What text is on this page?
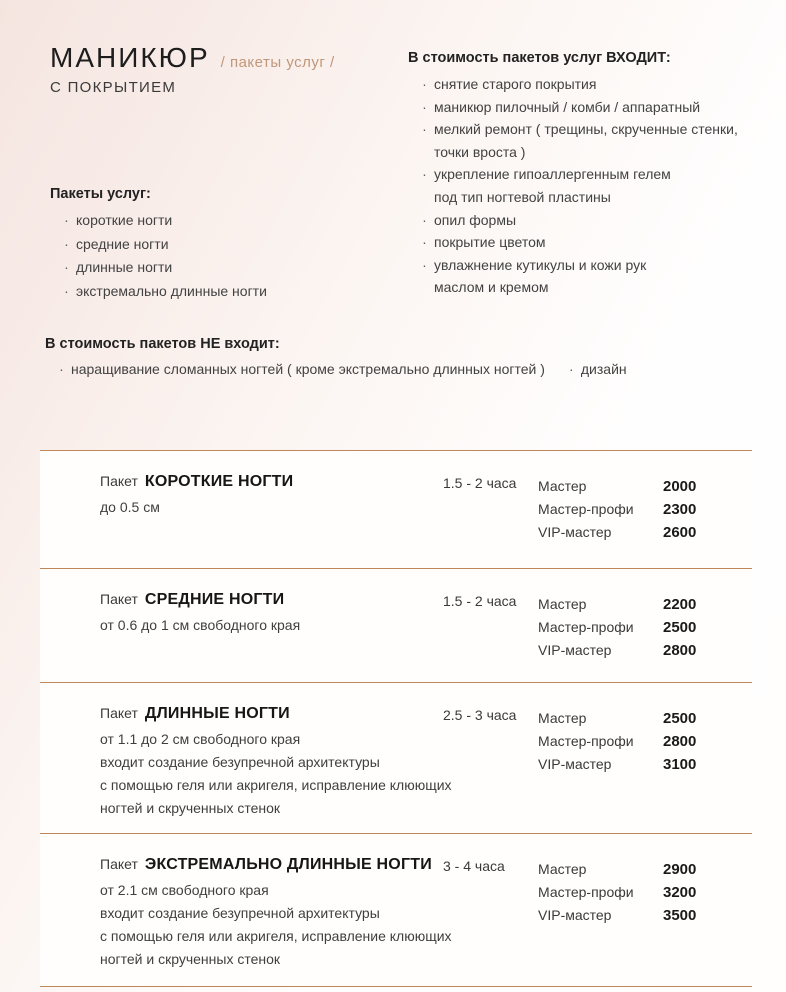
МАНИКЮР / пакеты услуг /
С ПОКРЫТИЕМ
В стоимость пакетов услуг ВХОДИТ:
· снятие старого покрытия
· маникюр пилочный / комби / аппаратный
· мелкий ремонт ( трещины, скрученные стенки,
точки вроста )
· укрепление гипоаллергенным гелем
под тип ногтевой пластины
· опил формы
· покрытие цветом
· увлажнение кутикулы и кожи рук
маслом и кремом
Пакеты услуг:
· короткие ногти
· средние ногти
· длинные ногти
· экстремально длинные ногти
В стоимость пакетов НЕ входит:
· наращивание сломанных ногтей ( кроме экстремально длинных ногтей ) · дизайн
Пакет КОРОТКИЕ НОГТИ
до 0.5 см
1.5 - 2 часа Мастер	2000
Мастер-профи	2300
VIP-мастер	2600
Пакет СРЕДНИЕ НОГТИ
от 0.6 до 1 см свободного края
1.5 - 2 часа Мастер	2200
Мастер-профи	2500
VIP-мастер	2800
Пакет ДЛИННЫЕ НОГТИ
от 1.1 до 2 см свободного края
входит создание безупречной архитектуры
с помощью геля или акригеля, исправление клюющих
ногтей и скрученных стенок
2.5 - 3 часа Мастер	2500
Мастер-профи	2800
VIP-мастер	3100
Пакет ЭКСТРЕМАЛЬНО ДЛИННЫЕ НОГТИ
от 2.1 см свободного края
входит создание безупречной архитектуры
с помощью геля или акригеля, исправление клюющих
ногтей и скрученных стенок
3 - 4 часа Мастер	2900
Мастер-профи	3200
VIP-мастер	3500
